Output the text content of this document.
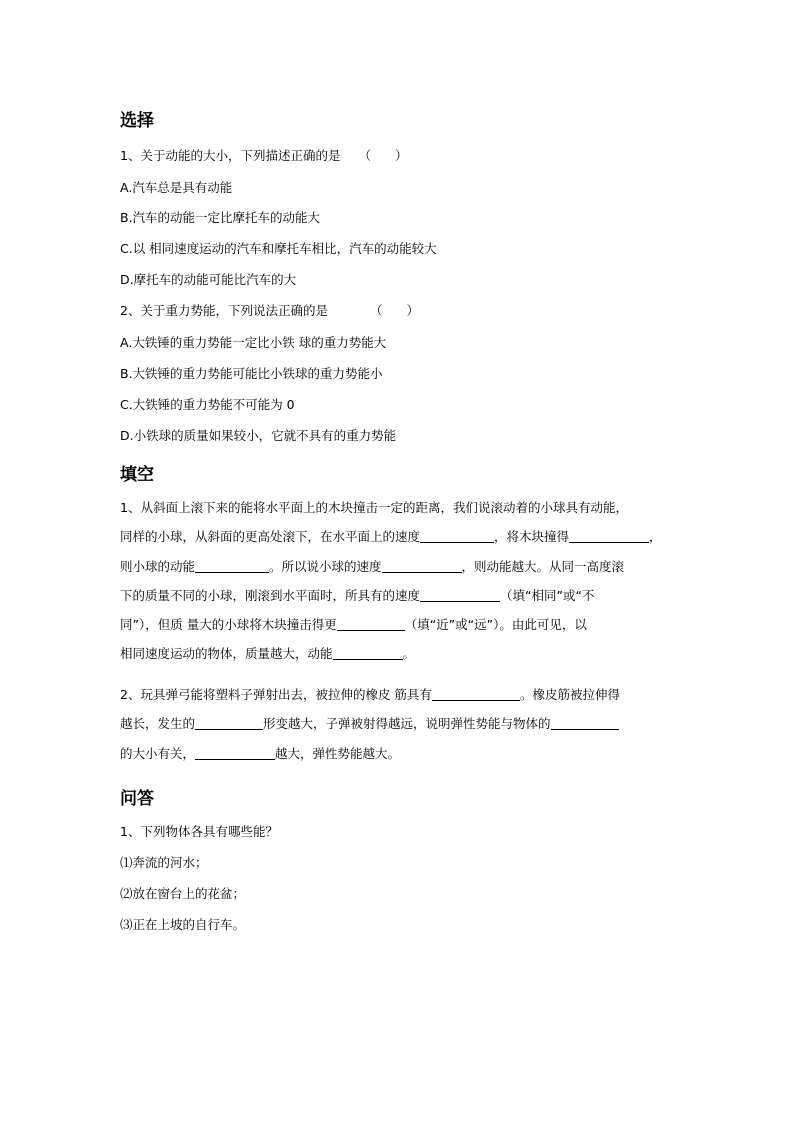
选择
1、关于动能的大小，下列描述正确的是 （ ）
A.汽车总是具有动能
B.汽车的动能一定比摩托车的动能大
C.以 相同速度运动的汽车和摩托车相比，汽车的动能较大
D.摩托车的动能可能比汽车的大
2、关于重力势能，下列说法正确的是	（ ）
A.大铁锤的重力势能一定比小铁 球的重力势能大
B.大铁锤的重力势能可能比小铁球的重力势能小
C.大铁锤的重力势能不可能为 0
D.小铁球的质量如果较小，它就不具有的重力势能
填空
1、从斜面上滚下来的能将水平面上的木块撞击一定的距离，我们说滚动着的小球具有动能，
同样的小球，从斜面的更高处滚下，在水平面上的速度	，将木块撞得	，
则小球的动能	。所以说小球的速度	，则动能越大。从同一高度滚
下的质量不同的小球，刚滚到水平面时，所具有的速度	（填“相同”或“不
同”），但质 量大的小球将木块撞击得更	（填“近”或“远”）。由此可见，以
相同速度运动的物体，质量越大，动能	。
2、玩具弹弓能将塑料子弹射出去，被拉伸的橡皮 筋具有	。橡皮筋被拉伸得
越长，发生的	形变越大，子弹被射得越远，说明弹性势能与物体的
的大小有关，	越大，弹性势能越大。
问答
1、下列物体各具有哪些能？
⑴奔流的河水；
⑵放在窗台上的花盆；
⑶正在上坡的自行车。
